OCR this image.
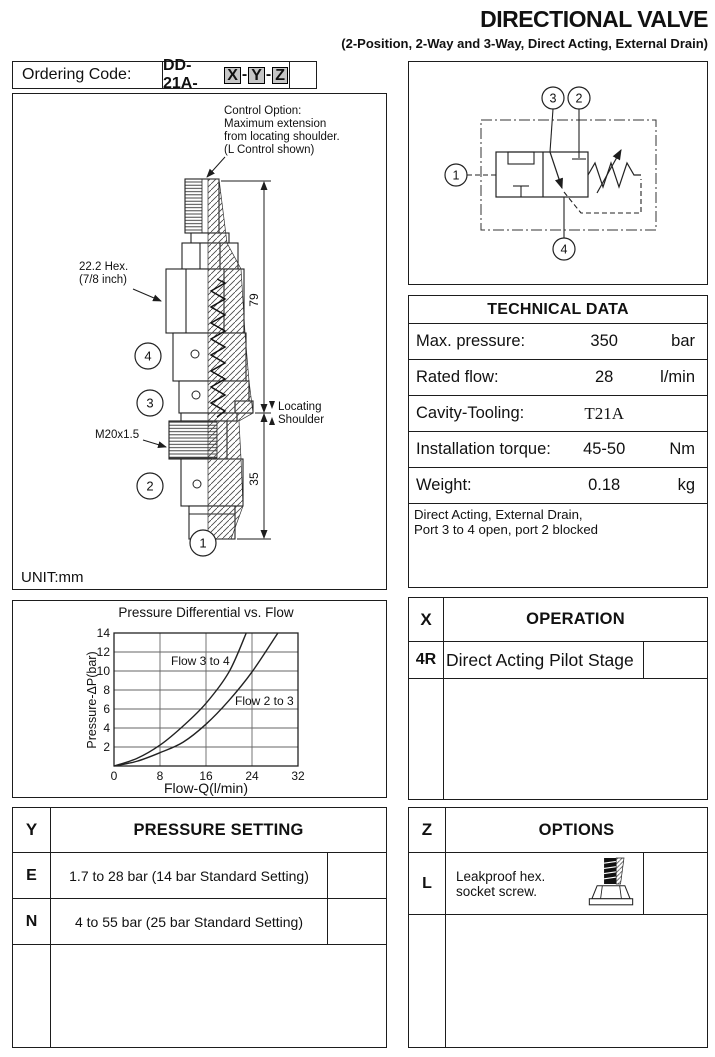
DIRECTIONAL VALVE
(2-Position, 2-Way and 3-Way, Direct Acting, External Drain)
Ordering Code:
DD-21A-	X - Y - Z
Control Option:
Maximum extension
from locating shoulder.
(L Control shown)
22.2 Hex.
(7/8 inch)
M20x1.5
79
35
Locating
Shoulder
4
3
2
1
UNIT:mm
1
3 2
4
TECHNICAL DATA
Max. pressure:	350	bar
Rated flow:	28	l/min
Cavity-Tooling:	T21A
Installation torque:	45-50	Nm
Weight:	0.18	kg
Direct Acting, External Drain,
Port 3 to 4 open, port 2 blocked
0	8	16	24	32
2
4
6
8
10
12
14
Pressure Differential vs. Flow
Flow-Q(l/min)
Pressure-ΔP(bar)	Flow 3 to 4
Flow 2 to 3
X	OPERATION
4R Direct Acting Pilot Stage
Y	PRESSURE SETTING
E	1.7 to 28 bar (14 bar Standard Setting)
N	4 to 55 bar (25 bar Standard Setting)
Z	OPTIONS
L	Leakproof hex.
socket screw.
